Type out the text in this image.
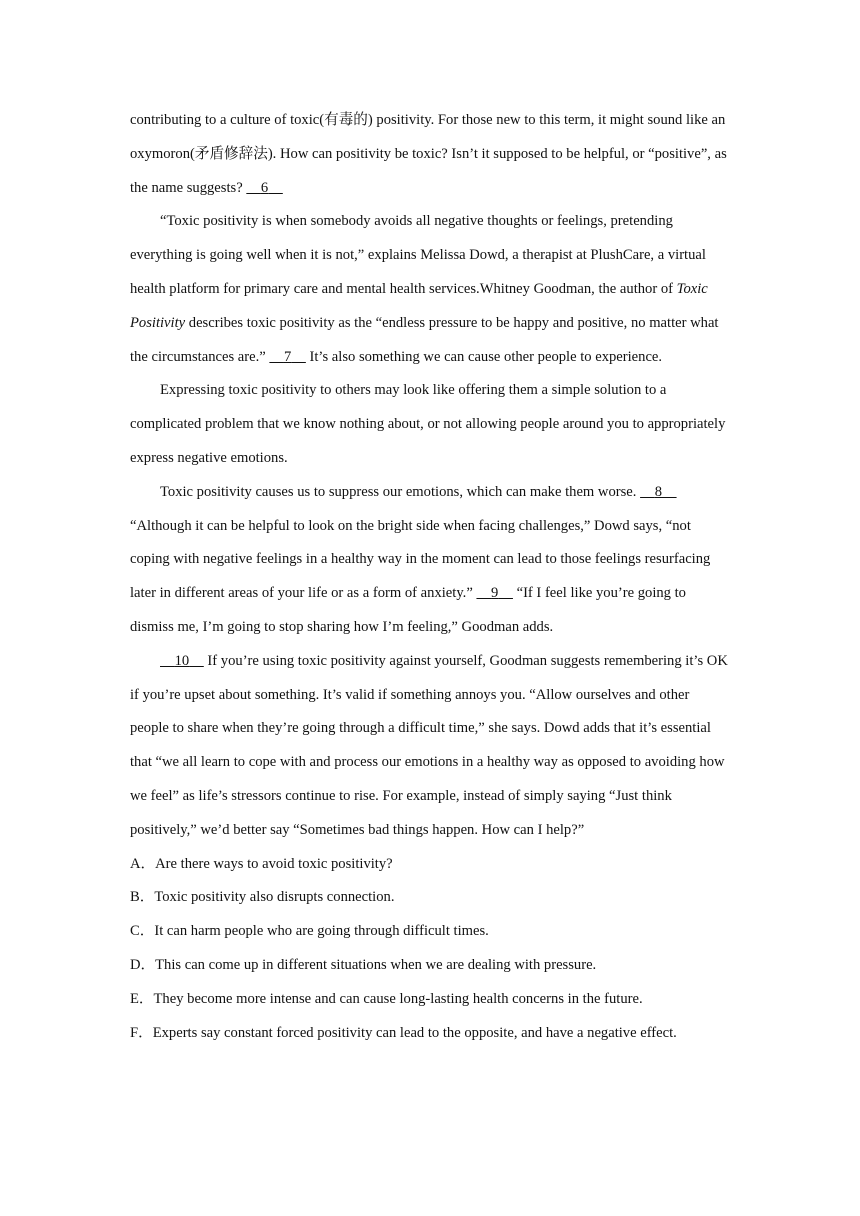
contributing to a culture of toxic(有毒的) positivity. For those new to this term, it might sound like an oxymoron(矛盾修辞法). How can positivity be toxic? Isn’t it supposed to be helpful, or “positive”, as the name suggests?     6

“Toxic positivity is when somebody avoids all negative thoughts or feelings, pretending everything is going well when it is not,” explains Melissa Dowd, a therapist at PlushCare, a virtual health platform for primary care and mental health services.Whitney Goodman, the author of Toxic Positivity describes toxic positivity as the “endless pressure to be happy and positive, no matter what the circumstances are.”     7     It’s also something we can cause other people to experience.

Expressing toxic positivity to others may look like offering them a simple solution to a complicated problem that we know nothing about, or not allowing people around you to appropriately express negative emotions.

Toxic positivity causes us to suppress our emotions, which can make them worse.     8     “Although it can be helpful to look on the bright side when facing challenges,” Dowd says, “not coping with negative feelings in a healthy way in the moment can lead to those feelings resurfacing later in different areas of your life or as a form of anxiety.”     9     “If I feel like you’re going to dismiss me, I’m going to stop sharing how I’m feeling,” Goodman adds.

10     If you’re using toxic positivity against yourself, Goodman suggests remembering it’s OK if you’re upset about something. It’s valid if something annoys you. “Allow ourselves and other people to share when they’re going through a difficult time,” she says. Dowd adds that it’s essential that “we all learn to cope with and process our emotions in a healthy way as opposed to avoiding how we feel” as life’s stressors continue to rise. For example, instead of simply saying “Just think positively,” we’d better say “Sometimes bad things happen. How can I help?”

A．Are there ways to avoid toxic positivity?

B．Toxic positivity also disrupts connection.

C．It can harm people who are going through difficult times.

D．This can come up in different situations when we are dealing with pressure.

E．They become more intense and can cause long-lasting health concerns in the future.

F．Experts say constant forced positivity can lead to the opposite, and have a negative effect.
